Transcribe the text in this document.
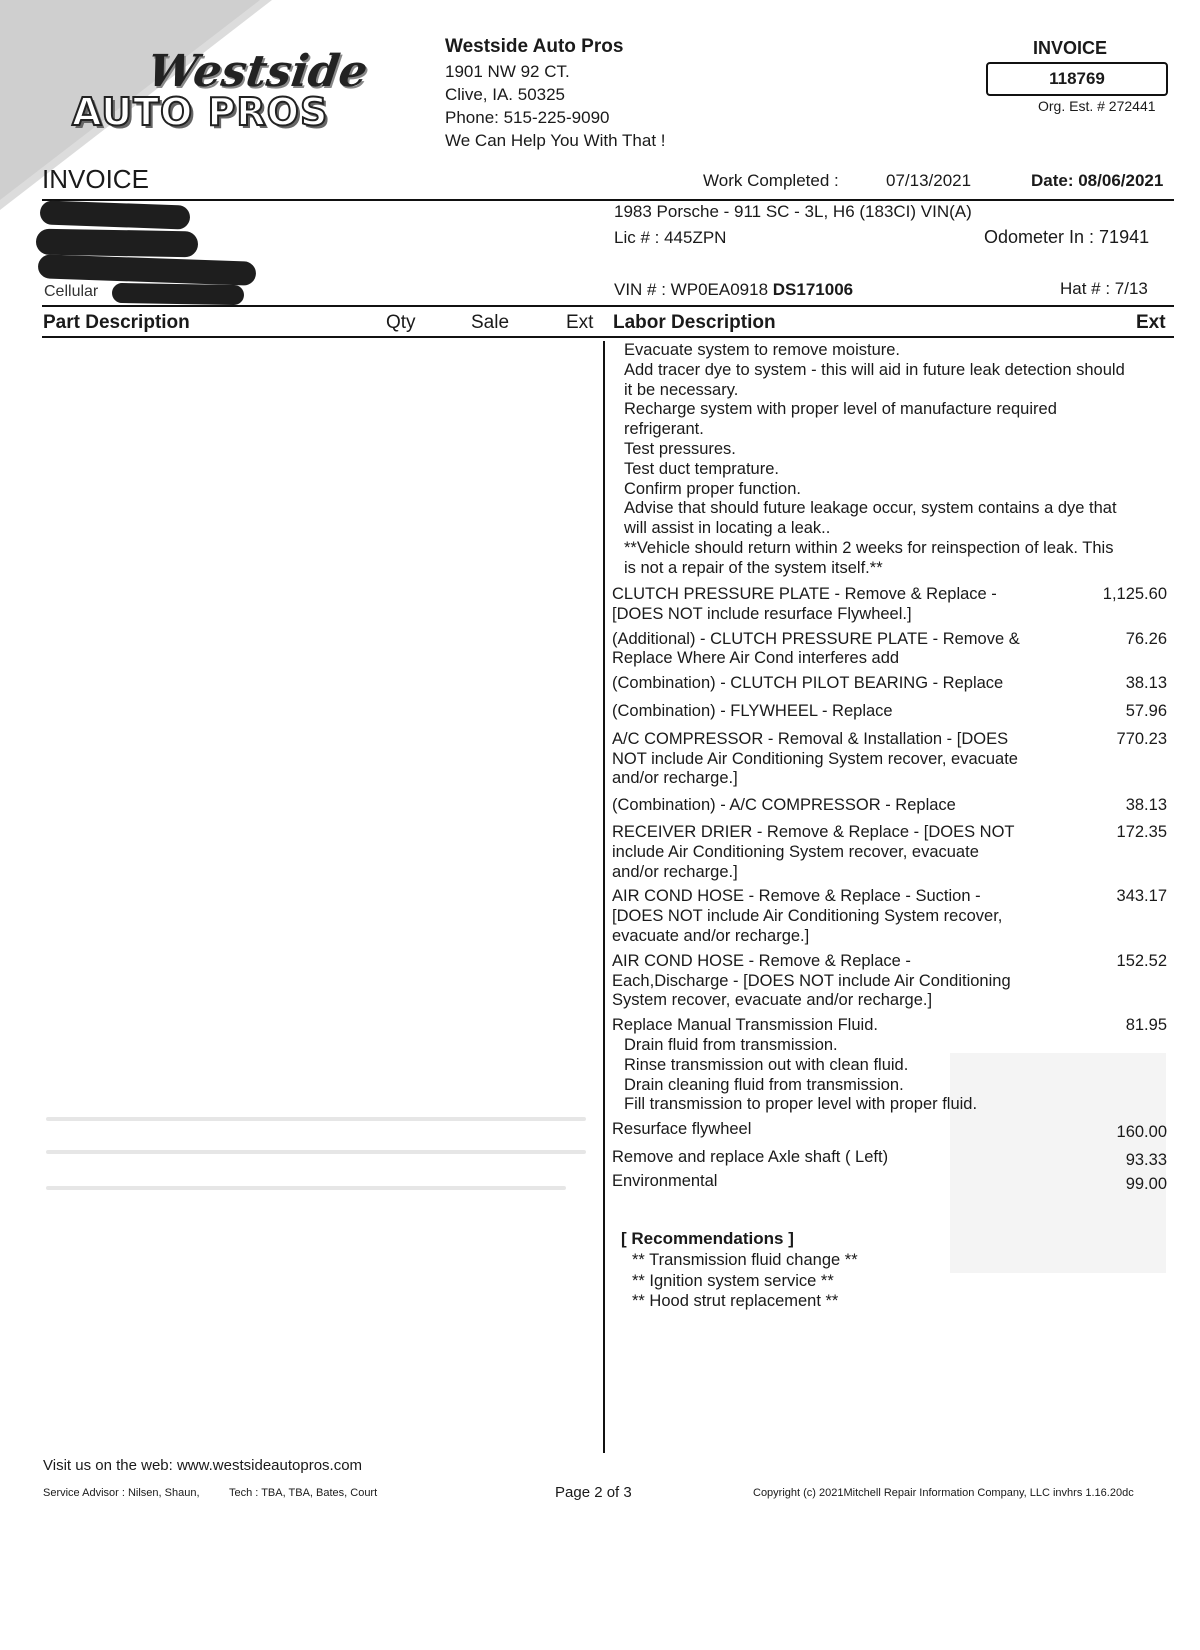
Westside
AUTO PROS
Westside Auto Pros
1901 NW 92 CT.
Clive, IA. 50325
Phone: 515-225-9090
We Can Help You With That !
INVOICE
118769
Org. Est. # 272441
INVOICE	Work Completed :	07/13/2021	Date: 08/06/2021
Cellular
1983 Porsche - 911 SC - 3L, H6 (183CI) VIN(A)
Lic # : 445ZPN	Odometer In : 71941
VIN # : WP0EA0918 DS171006	Hat # : 7/13
Part Description	Qty	Sale	Ext Labor Description	Ext
Evacuate system to remove moisture.
Add tracer dye to system - this will aid in future leak detection should
it be necessary.
Recharge system with proper level of manufacture required
refrigerant.
Test pressures.
Test duct temprature.
Confirm proper function.
Advise that should future leakage occur, system contains a dye that
will assist in locating a leak..
**Vehicle should return within 2 weeks for reinspection of leak. This
is not a repair of the system itself.**
CLUTCH PRESSURE PLATE - Remove & Replace -
[DOES NOT include resurface Flywheel.]
1,125.60
(Additional) - CLUTCH PRESSURE PLATE - Remove &
Replace Where Air Cond interferes add
76.26
(Combination) - CLUTCH PILOT BEARING - Replace	38.13
(Combination) - FLYWHEEL - Replace	57.96
A/C COMPRESSOR - Removal & Installation - [DOES
NOT include Air Conditioning System recover, evacuate
and/or recharge.]
770.23
(Combination) - A/C COMPRESSOR - Replace	38.13
RECEIVER DRIER - Remove & Replace - [DOES NOT
include Air Conditioning System recover, evacuate
and/or recharge.]
172.35
AIR COND HOSE - Remove & Replace - Suction -
[DOES NOT include Air Conditioning System recover,
evacuate and/or recharge.]
343.17
AIR COND HOSE - Remove & Replace -
Each,Discharge - [DOES NOT include Air Conditioning
System recover, evacuate and/or recharge.]
152.52
Replace Manual Transmission Fluid.	81.95
Drain fluid from transmission.
Rinse transmission out with clean fluid.
Drain cleaning fluid from transmission.
Fill transmission to proper level with proper fluid.
Resurface flywheel	160.00
Remove and replace Axle shaft ( Left)	93.33
Environmental	99.00
[ Recommendations ]
** Transmission fluid change **
** Ignition system service **
** Hood strut replacement **
Visit us on the web: www.westsideautopros.com
Service Advisor : Nilsen, Shaun,	Tech : TBA, TBA, Bates, Court	Page 2 of 3	Copyright (c) 2021Mitchell Repair Information Company, LLC invhrs 1.16.20dc
